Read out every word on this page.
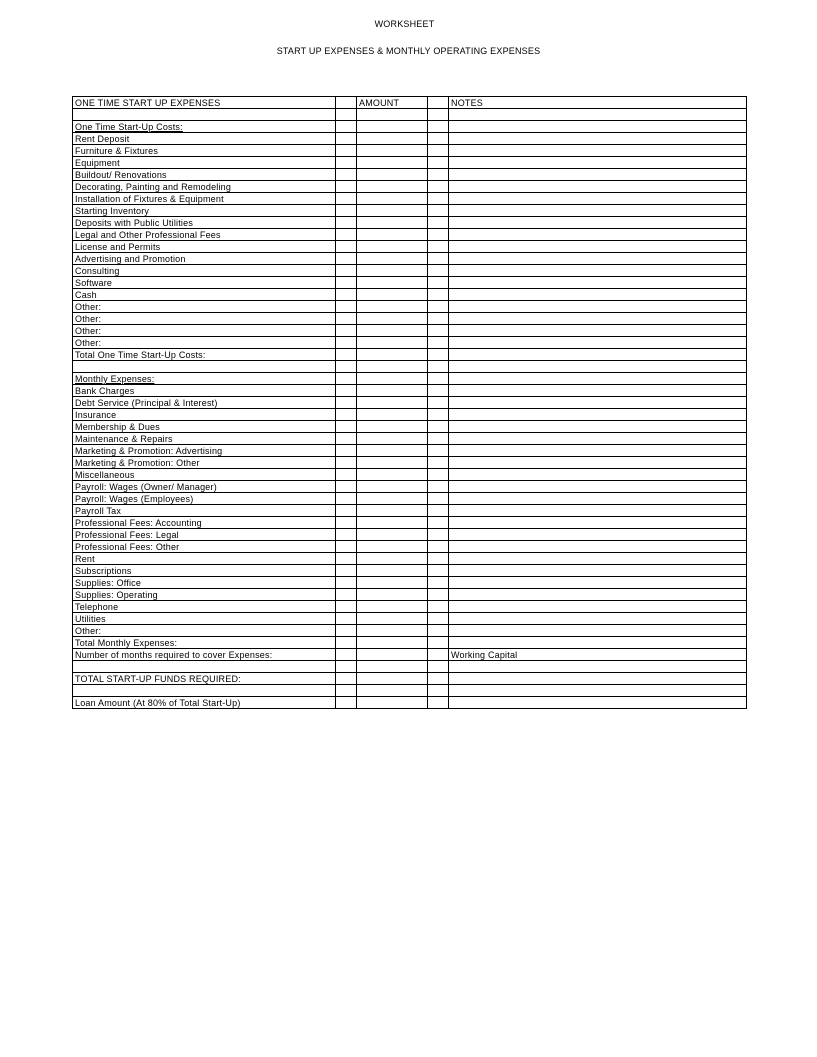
WORKSHEET
START UP EXPENSES & MONTHLY OPERATING EXPENSES
ONE TIME START UP EXPENSES		AMOUNT		NOTES

One Time Start-Up Costs:				
Rent Deposit				
Furniture & Fixtures				
Equipment				
Buildout/ Renovations				
Decorating, Painting and Remodeling				
Installation of Fixtures & Equipment				
Starting Inventory				
Deposits with Public Utilities				
Legal and Other Professional Fees				
License and Permits				
Advertising and Promotion				
Consulting				
Software				
Cash				
Other:				
Other:				
Other:				
Other:				
Total One Time Start-Up Costs:				

Monthly Expenses:				
Bank Charges				
Debt Service (Principal & Interest)				
Insurance				
Membership & Dues				
Maintenance & Repairs				
Marketing & Promotion: Advertising				
Marketing & Promotion: Other				
Miscellaneous				
Payroll: Wages (Owner/ Manager)				
Payroll: Wages (Employees)				
Payroll Tax				
Professional Fees: Accounting				
Professional Fees: Legal				
Professional Fees: Other				
Rent				
Subscriptions				
Supplies: Office				
Supplies: Operating				
Telephone				
Utilities				
Other:				
Total Monthly Expenses:				
Number of months required to cover Expenses:				Working Capital

TOTAL START-UP FUNDS REQUIRED:				

Loan Amount (At 80% of Total Start-Up)				
